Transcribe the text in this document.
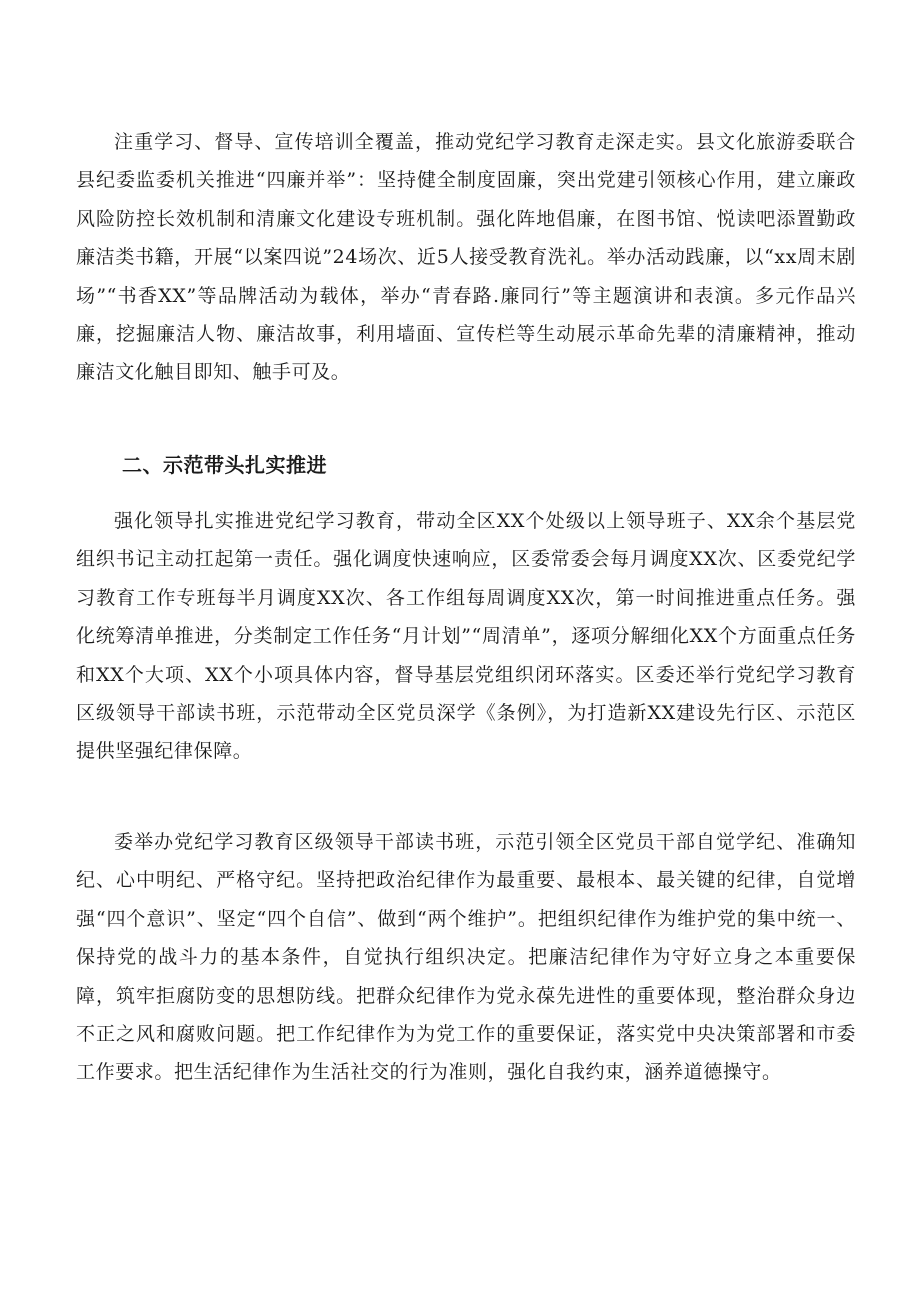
注重学习、督导、宣传培训全覆盖，推动党纪学习教育走深走实。县文化旅游委联合县纪委监委机关推进“四廉并举”：坚持健全制度固廉，突出党建引领核心作用，建立廉政风险防控长效机制和清廉文化建设专班机制。强化阵地倡廉，在图书馆、悦读吧添置勤政廉洁类书籍，开展“以案四说”24场次、近5人接受教育洗礼。举办活动践廉，以“xx周末剧场”“书香XX”等品牌活动为载体，举办“青春路.廉同行”等主题演讲和表演。多元作品兴廉，挖掘廉洁人物、廉洁故事，利用墙面、宣传栏等生动展示革命先辈的清廉精神，推动廉洁文化触目即知、触手可及。

二、示范带头扎实推进

强化领导扎实推进党纪学习教育，带动全区XX个处级以上领导班子、XX余个基层党组织书记主动扛起第一责任。强化调度快速响应，区委常委会每月调度XX次、区委党纪学习教育工作专班每半月调度XX次、各工作组每周调度XX次，第一时间推进重点任务。强化统筹清单推进，分类制定工作任务“月计划”“周清单”，逐项分解细化XX个方面重点任务和XX个大项、XX个小项具体内容，督导基层党组织闭环落实。区委还举行党纪学习教育区级领导干部读书班，示范带动全区党员深学《条例》，为打造新XX建设先行区、示范区提供坚强纪律保障。

委举办党纪学习教育区级领导干部读书班，示范引领全区党员干部自觉学纪、准确知纪、心中明纪、严格守纪。坚持把政治纪律作为最重要、最根本、最关键的纪律，自觉增强“四个意识”、坚定“四个自信”、做到“两个维护”。把组织纪律作为维护党的集中统一、保持党的战斗力的基本条件，自觉执行组织决定。把廉洁纪律作为守好立身之本重要保障，筑牢拒腐防变的思想防线。把群众纪律作为党永葆先进性的重要体现，整治群众身边不正之风和腐败问题。把工作纪律作为为党工作的重要保证，落实党中央决策部署和市委工作要求。把生活纪律作为生活社交的行为准则，强化自我约束，涵养道德操守。
